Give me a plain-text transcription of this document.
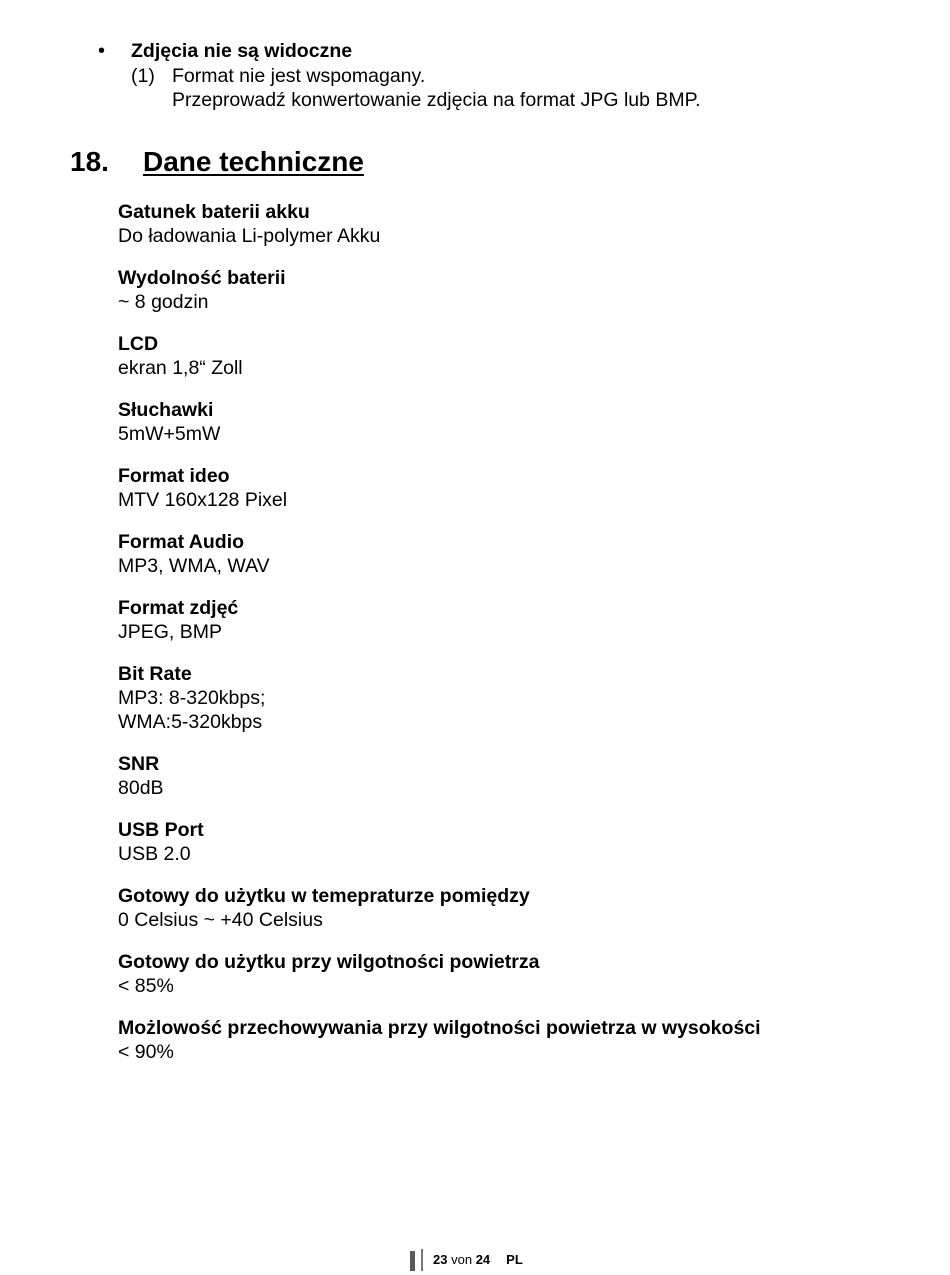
•	Zdjęcia nie są widoczne
(1) Format nie jest wspomagany.
Przeprowadź konwertowanie zdjęcia na format JPG lub BMP.
18.	Dane techniczne
Gatunek baterii akku
Do ładowania Li-polymer Akku
Wydolność baterii
~ 8 godzin
LCD
ekran 1,8“ Zoll
Słuchawki
5mW+5mW
Format ideo
MTV 160x128 Pixel
Format Audio
MP3, WMA, WAV
Format zdjęć
JPEG, BMP
Bit Rate
MP3: 8-320kbps;
WMA:5-320kbps
SNR
80dB
USB Port
USB 2.0
Gotowy do użytku w temepraturze pomiędzy
0 Celsius ~ +40 Celsius
Gotowy do użytku przy wilgotności powietrza
< 85%
Możlowość przechowywania przy wilgotności powietrza w wysokości
< 90%
23 von 24 PL
